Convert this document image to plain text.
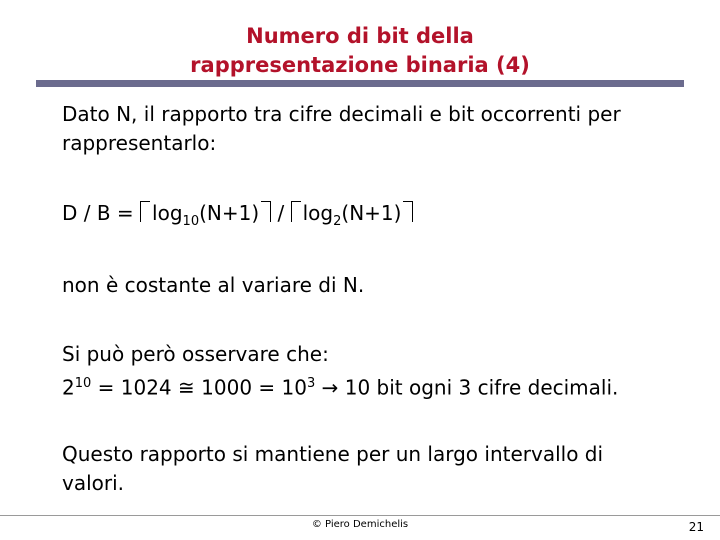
Numero di bit della
rappresentazione binaria (4)
Dato N, il rapporto tra cifre decimali e bit occorrenti per
rappresentarlo:
$D / B = \log_{10}(N+1) / \log_2(N+1)$
non è costante al variare di N.
Si può però osservare che:
$2^{10} = 1024$ ≅ $1000 = 10^3 \to 10$ bit ogni 3 cifre decimali.
Questo rapporto si mantiene per un largo intervallo di
valori.
© Piero Demichelis	21
